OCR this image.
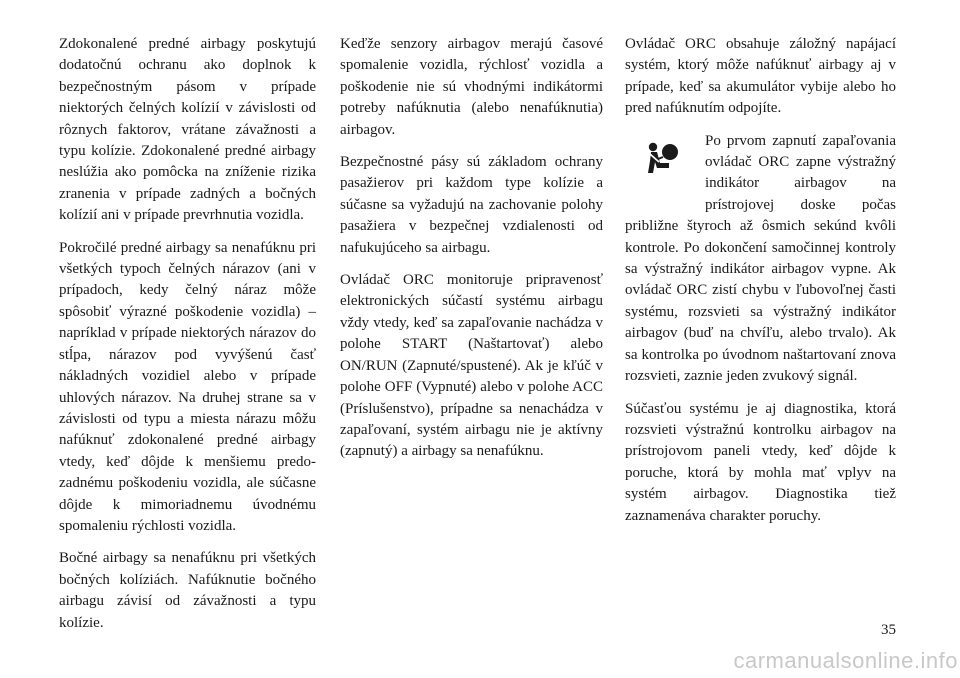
Zdokonalené predné airbagy poskytujú dodatočnú ochranu ako doplnok k bezpečnostným pásom v prípade niektorých čelných kolízií v závislosti od rôznych faktorov, vrátane závažnosti a typu kolízie. Zdokonalené predné airbagy neslúžia ako pomôcka na zníženie rizika zranenia v prípade zadných a bočných kolízií ani v prípade prevrhnutia vozidla.

Pokročilé predné airbagy sa nenafúknu pri všetkých typoch čelných nárazov (ani v prípadoch, kedy čelný náraz môže spôsobiť výrazné poškodenie vozidla) – napríklad v prípade niektorých nárazov do stĺpa, nárazov pod vyvýšenú časť nákladných vozidiel alebo v prípade uhlových nárazov. Na druhej strane sa v závislosti od typu a miesta nárazu môžu nafúknuť zdokonalené predné airbagy vtedy, keď dôjde k menšiemu predo-zadnému poškodeniu vozidla, ale súčasne dôjde k mimoriadnemu úvodnému spomaleniu rýchlosti vozidla.

Bočné airbagy sa nenafúknu pri všetkých bočných kolíziách. Nafúknutie bočného airbagu závisí od závažnosti a typu kolízie.

Keďže senzory airbagov merajú časové spomalenie vozidla, rýchlosť vozidla a poškodenie nie sú vhodnými indikátormi potreby nafúknutia (alebo nenafúknutia) airbagov.

Bezpečnostné pásy sú základom ochrany pasažierov pri každom type kolízie a súčasne sa vyžadujú na zachovanie polohy pasažiera v bezpečnej vzdialenosti od nafukujúceho sa airbagu.

Ovládač ORC monitoruje pripravenosť elektronických súčastí systému airbagu vždy vtedy, keď sa zapaľovanie nachádza v polohe START (Naštartovať) alebo ON/RUN (Zapnuté/spustené). Ak je kľúč v polohe OFF (Vypnuté) alebo v polohe ACC (Príslušenstvo), prípadne sa nenachádza v zapaľovaní, systém airbagu nie je aktívny (zapnutý) a airbagy sa nenafúknu.

Ovládač ORC obsahuje záložný napájací systém, ktorý môže nafúknuť airbagy aj v prípade, keď sa akumulátor vybije alebo ho pred nafúknutím odpojíte.

Po prvom zapnutí zapaľovania ovládač ORC zapne výstražný indikátor airbagov na prístrojovej doske počas približne štyroch až ôsmich sekúnd kvôli kontrole. Po dokončení samočinnej kontroly sa výstražný indikátor airbagov vypne. Ak ovládač ORC zistí chybu v ľubovoľnej časti systému, rozsvieti sa výstražný indikátor airbagov (buď na chvíľu, alebo trvalo). Ak sa kontrolka po úvodnom naštartovaní znova rozsvieti, zaznie jeden zvukový signál.

Súčasťou systému je aj diagnostika, ktorá rozsvieti výstražnú kontrolku airbagov na prístrojovom paneli vtedy, keď dôjde k poruche, ktorá by mohla mať vplyv na systém airbagov. Diagnostika tiež zaznamenáva charakter poruchy.

35
carmanualsonline.info
